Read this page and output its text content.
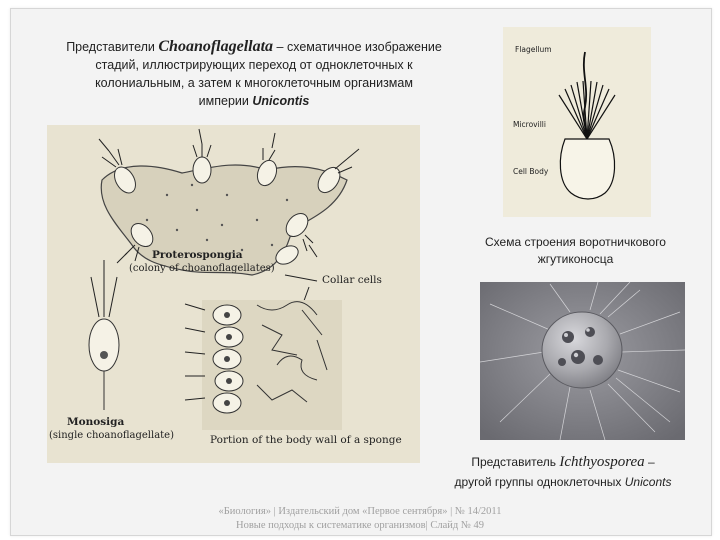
Представители Choanoflagellata – схематичное изображение
стадий, иллюстрирующих переход от одноклеточных к
колониальным, а затем к многоклеточным организмам
империи Unicontis
Proterospongia
(colony of choanoflagellates)
Collar cells
Monosiga
(single choanoflagellate)	Portion of the body wall of a sponge
Flagellum
Microvilli
Cell Body
Схема строения воротничкового
жгутиконосца
Представитель Ichthyosporea –
другой группы одноклеточных Uniconts
«Биология» | Издательский дом «Первое сентября» | № 14/2011
Новые подходы к систематике организмов| Слайд № 49
